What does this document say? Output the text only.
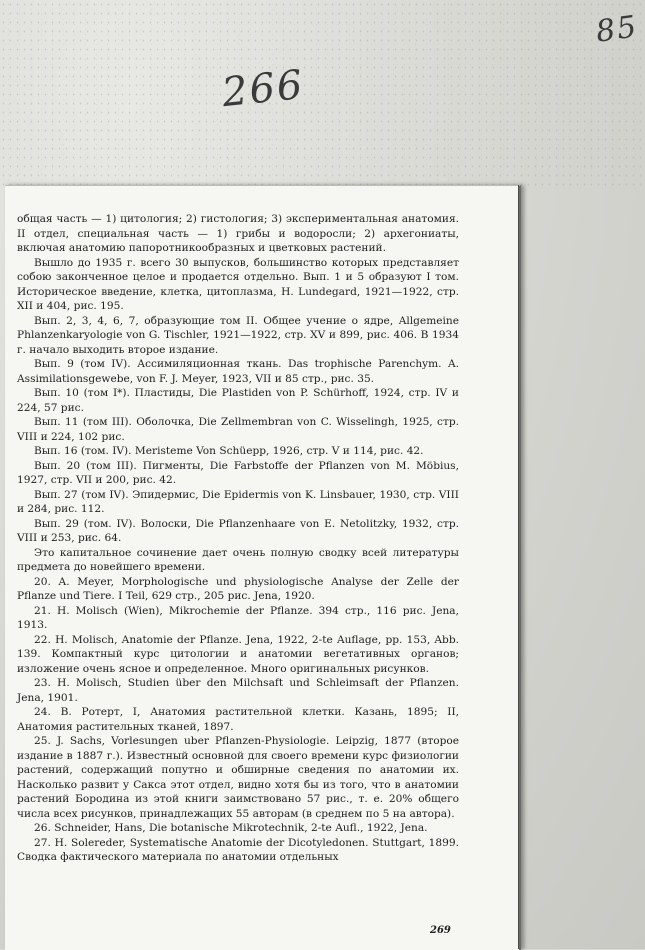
266
85

общая часть — 1) цитология; 2) гистология; 3) экспериментальная анатомия. II отдел, специальная часть — 1) грибы и водоросли; 2) архегониаты, включая анатомию папоротникообразных и цветковых растений.

Вышло до 1935 г. всего 30 выпусков, большинство которых представляет собою законченное целое и продается отдельно. Вып. 1 и 5 образуют I том. Историческое введение, клетка, цитоплазма, H. Lundegard, 1921—1922, стр. XII и 404, рис. 195.

Вып. 2, 3, 4, 6, 7, образующие том II. Общее учение о ядре, Allgemeine Phlanzenkaryologie von G. Tischler, 1921—1922, стр. XV и 899, рис. 406. В 1934 г. начало выходить второе издание.

Вып. 9 (том IV). Ассимиляционная ткань. Das trophische Parenchym. A. Assimilationsgewebe, von F. J. Meyer, 1923, VII и 85 стр., рис. 35.

Вып. 10 (том I*). Пластиды, Die Plastiden von P. Schürhoff, 1924, стр. IV и 224, 57 рис.

Вып. 11 (том III). Оболочка, Die Zellmembran von C. Wisselingh, 1925, стр. VIII и 224, 102 рис.

Вып. 16 (том. IV). Meristeme Von Schüepp, 1926, стр. V и 114, рис. 42.

Вып. 20 (том III). Пигменты, Die Farbstoffe der Pflanzen von M. Möbius, 1927, стр. VII и 200, рис. 42.

Вып. 27 (том IV). Эпидермис, Die Epidermis von K. Linsbauer, 1930, стр. VIII и 284, рис. 112.

Вып. 29 (том. IV). Волоски, Die Pflanzenhaare von E. Netolitzky, 1932, стр. VIII и 253, рис. 64.

Это капитальное сочинение дает очень полную сводку всей литературы предмета до новейшего времени.

20. A. Meyer, Morphologische und physiologische Analyse der Zelle der Pflanze und Tiere. I Teil, 629 стр., 205 рис. Jena, 1920.

21. H. Molisch (Wien), Mikrochemie der Pflanze. 394 стр., 116 рис. Jena, 1913.

22. H. Molisch, Anatomie der Pflanze. Jena, 1922, 2-te Auflage, pp. 153, Abb. 139. Компактный курс цитологии и анатомии вегетативных органов; изложение очень ясное и определенное. Много оригинальных рисунков.

23. H. Molisch, Studien über den Milchsaft und Schleimsaft der Pflanzen. Jena, 1901.

24. B. Ротерт, I, Анатомия растительной клетки. Казань, 1895; II, Анатомия растительных тканей, 1897.

25. J. Sachs, Vorlesungen uber Pflanzen-Physiologie. Leipzig, 1877 (второе издание в 1887 г.). Известный основной для своего времени курс физиологии растений, содержащий попутно и обширные сведения по анатомии их. Насколько развит у Сакса этот отдел, видно хотя бы из того, что в анатомии растений Бородина из этой книги заимствовано 57 рис., т. е. 20% общего числа всех рисунков, принадлежащих 55 авторам (в среднем по 5 на автора).

26. Schneider, Hans, Die botanische Mikrotechnik, 2-te Aufl., 1922, Jena.

27. H. Solereder, Systematische Anatomie der Dicotyledonen. Stuttgart, 1899. Сводка фактического материала по анатомии отдельных

269
